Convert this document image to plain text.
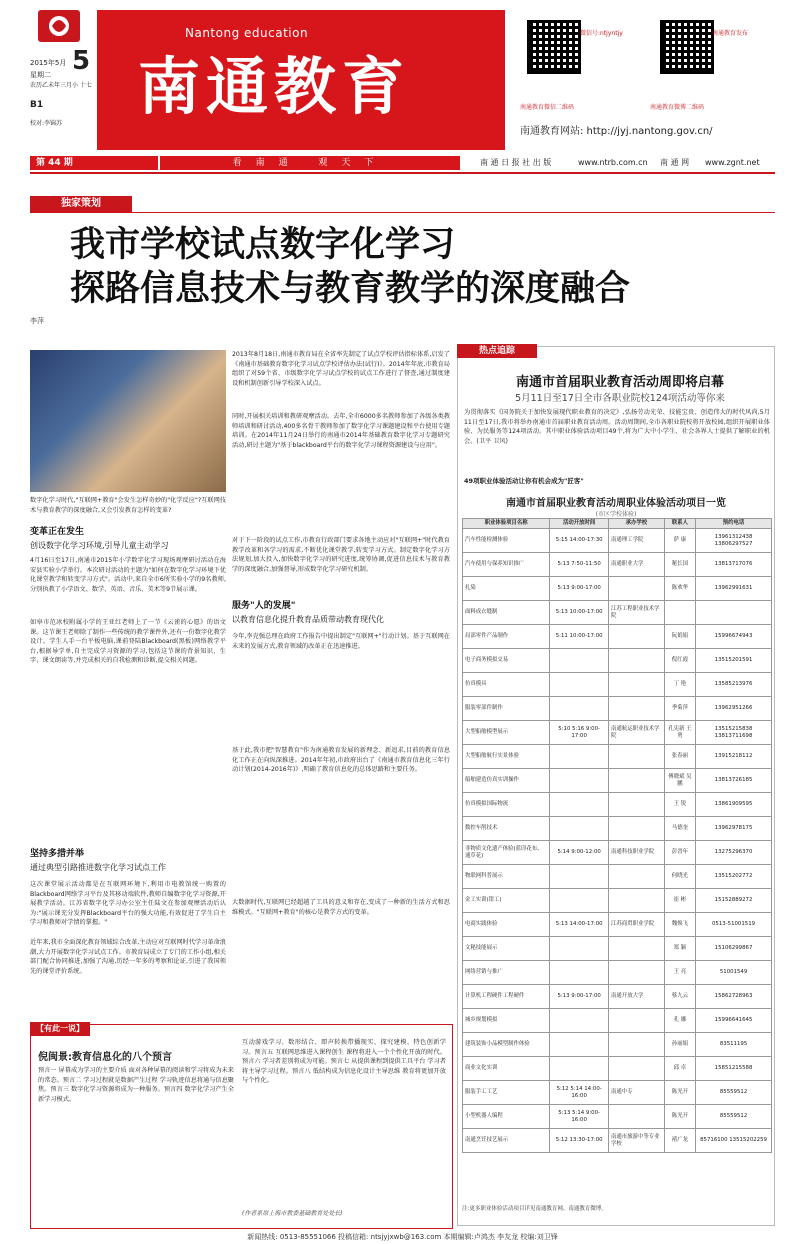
2015年5月 5
星期二
农历乙未年三月小 十七
B1
校对:李锦苏
Nantong education
南通教育
微信号:ntjyntjy
南通教育微信二维码
南通教育发布
南通教育微博二维码
南通教育网站: http://jyj.nantong.gov.cn/
第 44 期	看南通 观天下	南 通 日 报 社 出 版	www.ntrb.com.cn 南 通 网 www.zgnt.net
独家策划
我市学校试点数字化学习
探路信息技术与教育教学的深度融合
李萍
数字化学习时代,"互联网+教育"会发生怎样奇妙的"化学反应"?互联网技术与教育教学的深度融合,又会引发教育怎样的变革?
变革正在发生
创设数字化学习环境,引导儿童主动学习
4月16日至17日,南通市2015年小学数字化学习现场观摩研讨活动在海安县实验小学举行。本次研讨活动的主题为"如何在数字化学习环境下优化课堂教学和转变学习方式"。活动中,来自全市6所实验小学的9名教师,分别执教了小学语文、数学、英语、音乐、美术等9节展示课。
如皋市范冰校附属小学的王亚红老师上了一节《云雀的心愿》的语文课。这节课王老师除了制作一些传统的教学课件外,还有一份数字化教学设计。学生人手一台平板电脑,课前登陆Blackboard(黑板)网络教学平台,根据导学单,自主完成学习资源的学习,包括这节课的背景知识、生字、课文朗读等,并完成相关的自我检测和诊断,提交相关问题。
坚持多措并举
通过典型引路推进数字化学习试点工作
这次课堂展示活动都是在互联网环境下,利用市电教馆统一购置的Blackboard网络学习平台及其移动端软件,教师自编数字化学习资源,开展教学活动。江苏省数字化学习办公室主任陆文在参加观摩活动后认为:"展示课充分发挥Blackboard平台的强大功能,有效促进了学生自主学习和教师对学情的掌握。"
近年来,我市全面深化教育领域综合改革,主动应对互联网时代学习革命浪潮,大力开展数字化学习试点工作。市教育局成立了专门的工作小组,相关部门配合协同推进,加强了沟通,历经一年多的考察和论证,引进了我国领先的课堂评价系统。
2013年8月18日,南通市教育局在全省率先制定了试点学校评估指标体系,启发了《南通市基础教育数字化学习试点学校评估办法(试行)》。2014年年底,市教育局组织了对59个省、市级数字化学习试点学校的试点工作进行了督查,通过制度建设和机制创新引导学校深入试点。
同时,开展相关培训和教研观摩活动。去年,全市6000多名教师参加了各级各类教师培训和研讨活动,400多名骨干教师参加了数字化学习课题建设和平台使用专题培训。在2014年11月24日举行的南通市2014年基础教育数字化学习专题研究活动,研讨主题为"基于blackboard平台的数字化学习课程资源建设与应用"。
对于下一阶段的试点工作,市教育行政部门要求各地主动应对"互联网+"时代教育教学改革和各学习的需求,不断优化课堂教学,转变学习方式。制定数字化学习方法规划,加大投入,加快数字化学习的研究进度,统筹协调,促进信息技术与教育教学的深度融合,加强督导,形成数字化学习研究机制。
服务"人的发展"
以教育信息化提升教育品质带动教育现代化
今年,李克强总理在政府工作报告中提出制定"互联网+"行动计划。基于互联网在未来的发展方式,教育领域的改革正在迅速推进。
基于此,我市把"智慧教育"作为南通教育发展的新理念、新追求,目前的教育信息化工作正在向纵深推进。2014年年初,市政府出台了《南通市教育信息化三年行动计划(2014-2016年)》,明确了教育信息化的总体思路和主要任务。
大数据时代,互联网已经超越了工具的意义和存在,变成了一种新的生活方式和思维模式。"互联网+教育"的核心是教学方式的变革。
热点追踪
南通市首届职业教育活动周即将启幕
5月11日至17日全市各职业院校124项活动等你来
为贯彻落实《国务院关于加快发展现代职业教育的决定》,弘扬劳动光荣、技能宝贵、创造伟大的时代风尚,5月11日至17日,我市将举办南通市首届职业教育活动周。活动周期间,全市各职业院校将开放校园,组织开展职业体验、为民服务等124项活动。其中职业体验活动项目49个,将为广大中小学生、社会各界人士提供了解职业的机会。(卫平 卫风)
49项职业体验活动让你有机会成为"匠客"
南通市首届职业教育活动周职业体验活动项目一览
(市区学校体验)
职业体验项目名称	活动开放时间	承办学校	联系人	预约电话
汽车性能检测体验	5:15 14:00-17:30	南通理工学院	萨 康	13961312438 13806297527
汽车使用与保养知识推广	5:13 7:50-11:50	南通职业大学	秘长国	13813717076
扎染	5:13 9:00-17:00		陈欢华	13962991631
面料成衣缝制	5:13 10:00-17:00	江苏工程职业技术学院		
局部零件产品制作	5:11 10:00-17:00		阮娟娟	15996674943
电子商务模拟交易			倪红霞	13515201591
仿真模具			丁 艳	13585213976
服装零部件制作			季菊萍	13962951266
大型船舶模型展示	5:10 5:16 9:00-17:00	南通航运职业技术学院	孔宪新 王 勇	13515215838 13813711698
大型船舶航行实景体验			张春丽	13915218112
船舶建造仿真实训操作			傅晓斌 吴 鹏	13813726185
仿真模拟国际物流			王 锐	13861909595
数控车削技术			马德奎	13962978175
非物质文化遗产体验(蓝印花布、通草花)	5:14 9:00-12:00	南通科技职业学院	彭晋年	13275296370
物联网科普展示			何晓光	13515202772
金工实训(钳工)			崔 彬	15152889272
电商实践体验	5:13 14:00-17:00	江苏商贸职业学院	魏焕飞	0513-51001519
文秘技能展示			郑 颖	15106299867
网络营销与推广			王 亮	51001549
计算机工程硬件工程硬件	5:13 9:00-17:00	南通开放大学	蔡九云	15862728963
城乡规划模拟			孔 娜	15996641645
建筑装饰小品模型制作体验			孙丽娟	83511195
商业文化实训			邱 卓	15851215588
服装手工工艺	5:12 5:14 14:00-16:00	南通中专	陈光开	85559512
小型机器人编程	5:13 5:14 9:00-16:00		陈光开	85559512
南通烹饪技艺展示	5:12 13:30-17:00	南通市旅游中等专业学校	褚广龙	85716100 13515202259
注:更多职业体验活动项目详见南通教育网、南通教育微博。
【有此一说】
倪闽景:教育信息化的八个预言
预言一 屏幕成为学习的主要介质 面对各种屏幕的阅读和学习将成为未来的常态。预言二 学习过程就是数据产生过程 学习轨迹信息将通与信息聚焦。预言三 数字化学习资源将成为一种服务。预言四 数字化学习产生全新学习模式。
互动游戏学习、数形结合、即声转换带播现实、探究建模、特色创新学习。预言五 互联网思维进入课程创生 课程将进入一个个性化开放的时代。预言六 学习者差别将成为可能。预言七 从提供课程到提供工具平台 学习者将主导学习过程。预言八 低结构成为信息化设计主导思维 教育将更加开放与个性化。
(作者系原上海市教委基础教育处处长)
新闻热线: 0513-85551066 投稿信箱: ntsjyjxwb@163.com 本期编辑:卢鸿杰 李友龙 校编:刘卫锋
